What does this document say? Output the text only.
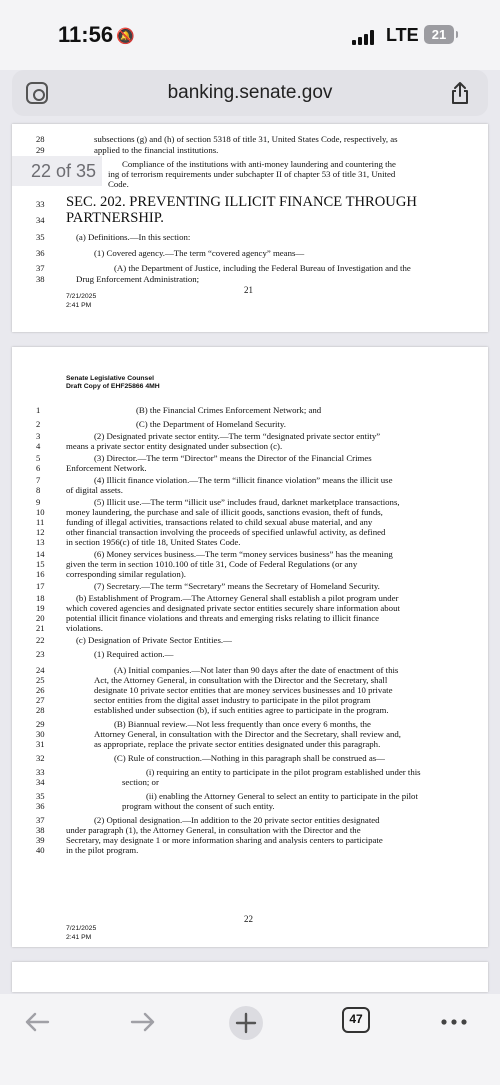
11:56 🔕	LTE	21
banking.senate.gov
28	subsections (g) and (h) of section 5318 of title 31, United States Code, respectively, as
29	applied to the financial institutions.
Compliance of the institutions with anti-money laundering and countering the
ing of terrorism requirements under subchapter II of chapter 53 of title 31, United
Code.
33	SEC. 202. PREVENTING ILLICIT FINANCE THROUGH
34	PARTNERSHIP.
35	(a) Definitions.—In this section:
36	(1) Covered agency.—The term “covered agency” means—
37	(A) the Department of Justice, including the Federal Bureau of Investigation and the
38	Drug Enforcement Administration;
21
7/21/2025
2:41 PM
22 of 35
Senate Legislative Counsel
Draft Copy of EHF25866 4MH
22
7/21/2025
2:41 PM
1	(B) the Financial Crimes Enforcement Network; and
2	(C) the Department of Homeland Security.
3	(2) Designated private sector entity.—The term “designated private sector entity”
4	means a private sector entity designated under subsection (c).
5	(3) Director.—The term “Director” means the Director of the Financial Crimes
6	Enforcement Network.
7	(4) Illicit finance violation.—The term “illicit finance violation” means the illicit use
8	of digital assets.
9	(5) Illicit use.—The term “illicit use” includes fraud, darknet marketplace transactions,
10	money laundering, the purchase and sale of illicit goods, sanctions evasion, theft of funds,
11	funding of illegal activities, transactions related to child sexual abuse material, and any
12	other financial transaction involving the proceeds of specified unlawful activity, as defined
13	in section 1956(c) of title 18, United States Code.
14	(6) Money services business.—The term “money services business” has the meaning
15	given the term in section 1010.100 of title 31, Code of Federal Regulations (or any
16	corresponding similar regulation).
17	(7) Secretary.—The term “Secretary” means the Secretary of Homeland Security.
18	(b) Establishment of Program.—The Attorney General shall establish a pilot program under
19	which covered agencies and designated private sector entities securely share information about
20	potential illicit finance violations and threats and emerging risks relating to illicit finance
21	violations.
22	(c) Designation of Private Sector Entities.—
23	(1) Required action.—
24	(A) Initial companies.—Not later than 90 days after the date of enactment of this
25	Act, the Attorney General, in consultation with the Director and the Secretary, shall
26	designate 10 private sector entities that are money services businesses and 10 private
27	sector entities from the digital asset industry to participate in the pilot program
28	established under subsection (b), if such entities agree to participate in the program.
29	(B) Biannual review.—Not less frequently than once every 6 months, the
30	Attorney General, in consultation with the Director and the Secretary, shall review and,
31	as appropriate, replace the private sector entities designated under this paragraph.
32	(C) Rule of construction.—Nothing in this paragraph shall be construed as—
33	(i) requiring an entity to participate in the pilot program established under this
34	section; or
35	(ii) enabling the Attorney General to select an entity to participate in the pilot
36	program without the consent of such entity.
37	(2) Optional designation.—In addition to the 20 private sector entities designated
38	under paragraph (1), the Attorney General, in consultation with the Director and the
39	Secretary, may designate 1 or more information sharing and analysis centers to participate
40	in the pilot program.
47
